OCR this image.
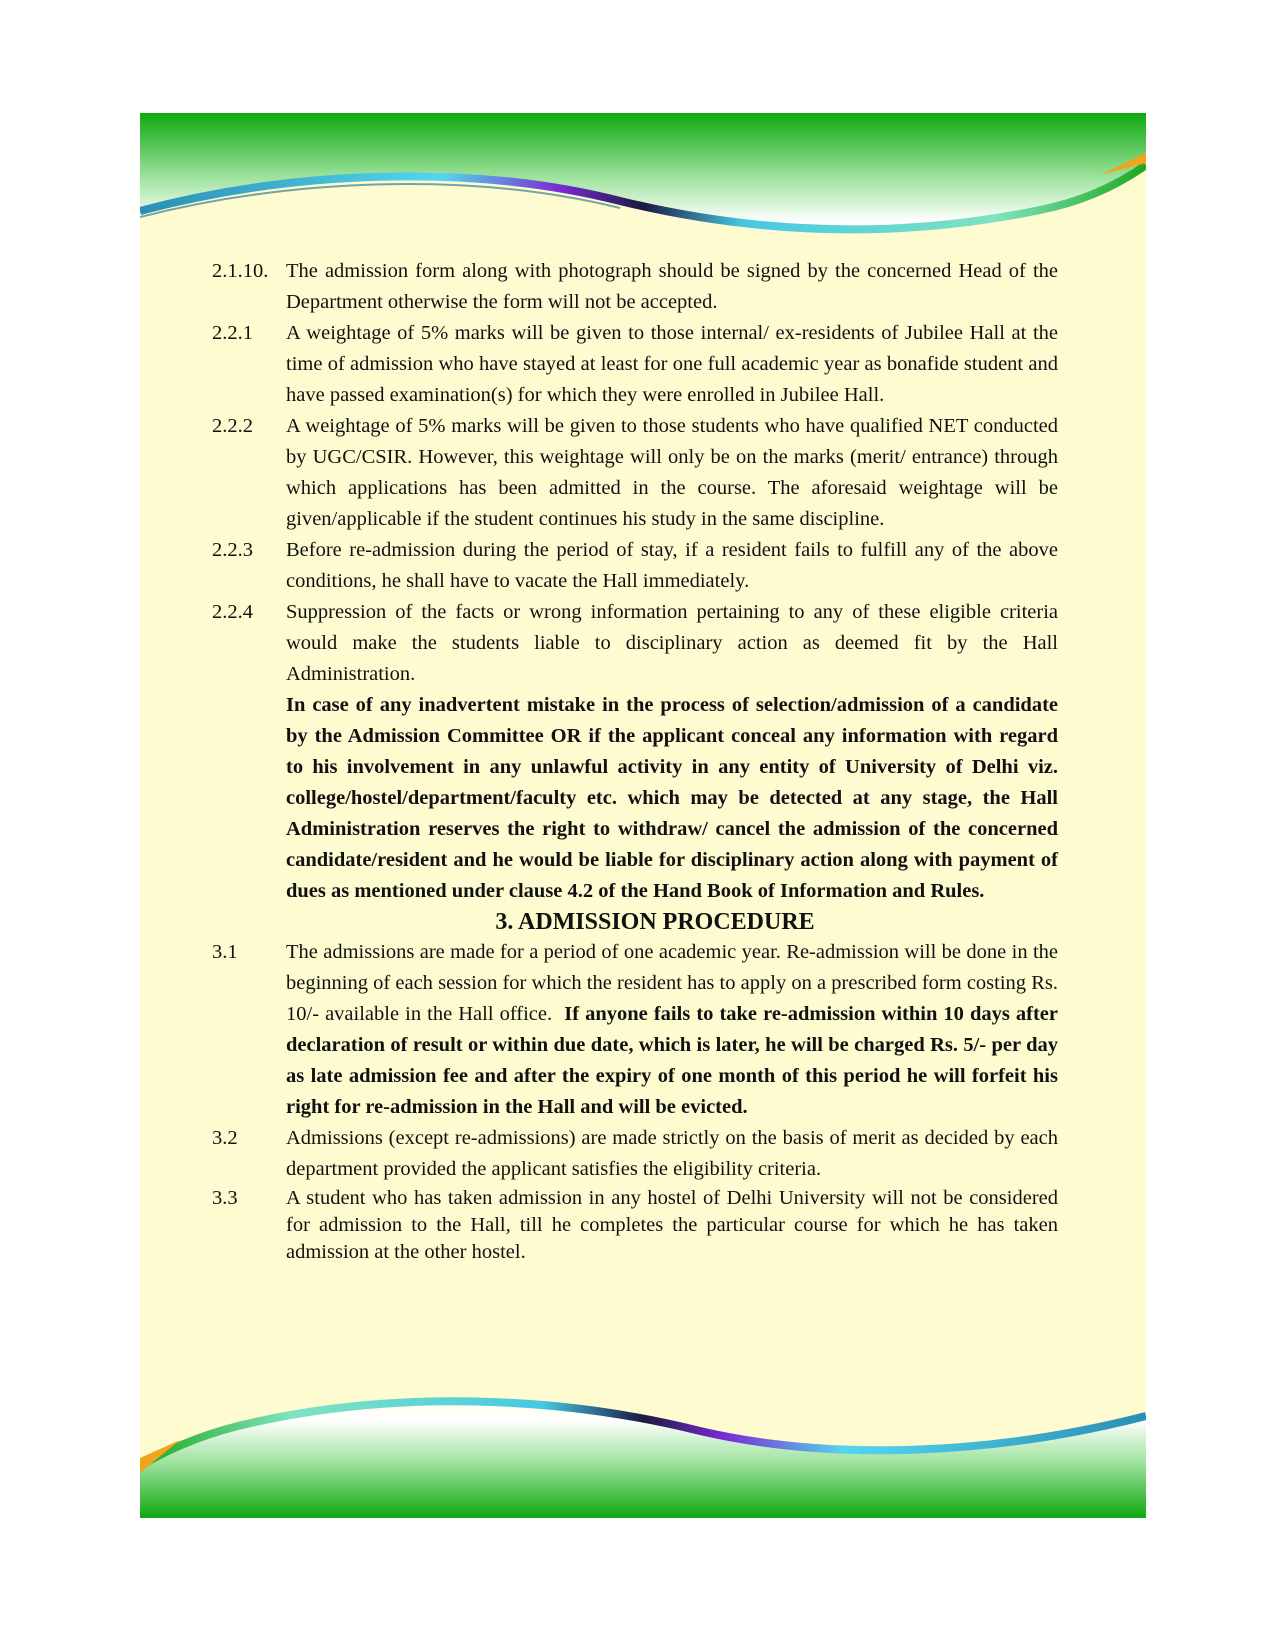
2.1.10. The admission form along with photograph should be signed by the concerned Head of the Department otherwise the form will not be accepted.
2.2.1	A weightage of 5% marks will be given to those internal/ ex-residents of Jubilee Hall at the time of admission who have stayed at least for one full academic year as bonafide student and have passed examination(s) for which they were enrolled in Jubilee Hall.
2.2.2	A weightage of 5% marks will be given to those students who have qualified NET conducted by UGC/CSIR. However, this weightage will only be on the marks (merit/ entrance) through which applications has been admitted in the course. The aforesaid weightage will be given/applicable if the student continues his study in the same discipline.
2.2.3	Before re-admission during the period of stay, if a resident fails to fulfill any of the above conditions, he shall have to vacate the Hall immediately.
2.2.4	Suppression of the facts or wrong information pertaining to any of these eligible criteria would make the students liable to disciplinary action as deemed fit by the Hall Administration.
In case of any inadvertent mistake in the process of selection/admission of a candidate by the Admission Committee OR if the applicant conceal any information with regard to his involvement in any unlawful activity in any entity of University of Delhi viz. college/hostel/department/faculty etc. which may be detected at any stage, the Hall Administration reserves the right to withdraw/ cancel the admission of the concerned candidate/resident and he would be liable for disciplinary action along with payment of dues as mentioned under clause 4.2 of the Hand Book of Information and Rules.
3. ADMISSION PROCEDURE
3.1	The admissions are made for a period of one academic year. Re-admission will be done in the beginning of each session for which the resident has to apply on a prescribed form costing Rs. 10/- available in the Hall office. If anyone fails to take re-admission within 10 days after declaration of result or within due date, which is later, he will be charged Rs. 5/- per day as late admission fee and after the expiry of one month of this period he will forfeit his right for re-admission in the Hall and will be evicted.
3.2	Admissions (except re-admissions) are made strictly on the basis of merit as decided by each department provided the applicant satisfies the eligibility criteria.
3.3	A student who has taken admission in any hostel of Delhi University will not be considered for admission to the Hall, till he completes the particular course for which he has taken admission at the other hostel.
